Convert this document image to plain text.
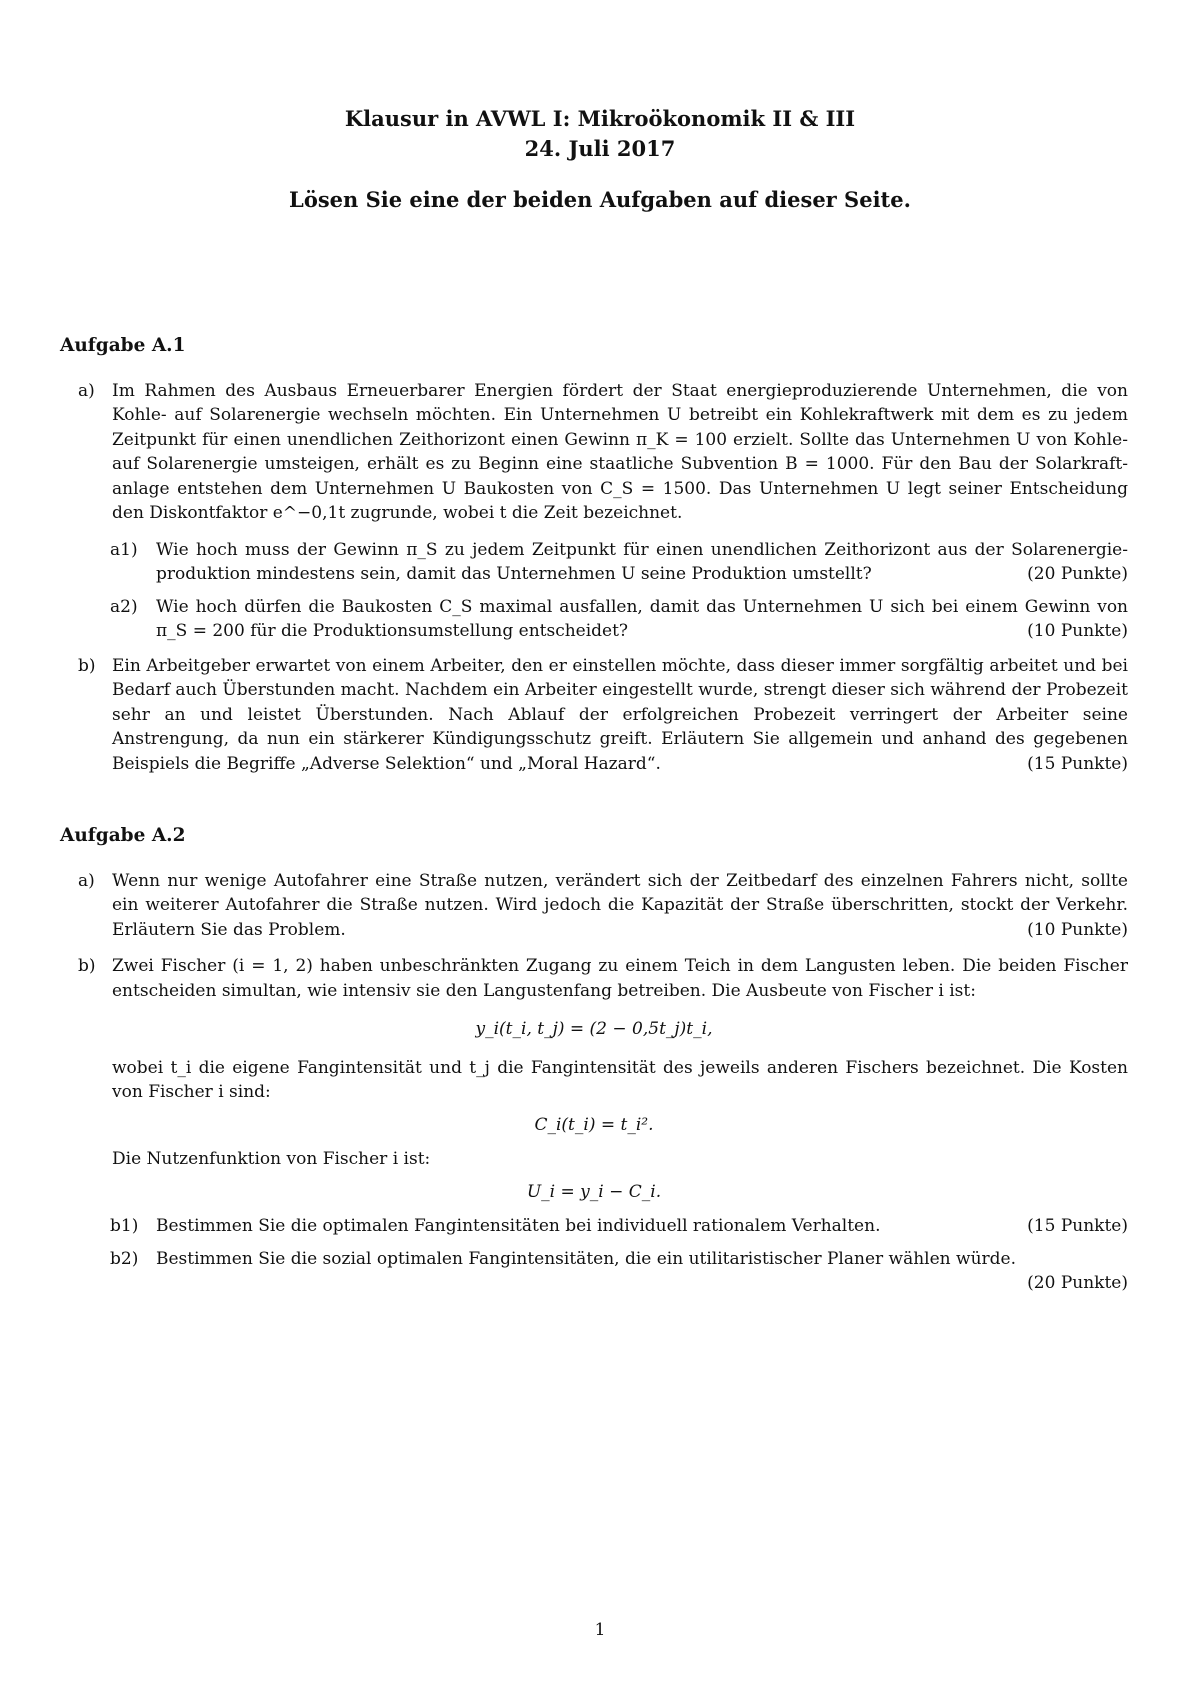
Klausur in AVWL I: Mikroökonomik II & III
24. Juli 2017
Lösen Sie eine der beiden Aufgaben auf dieser Seite.
Aufgabe A.1
a) Im Rahmen des Ausbaus Erneuerbarer Energien fördert der Staat energieproduzierende Unternehmen, die von Kohle- auf Solarenergie wechseln möchten. Ein Unternehmen U betreibt ein Kohlekraftwerk mit dem es zu jedem Zeitpunkt für einen unendlichen Zeithorizont einen Gewinn π_K = 100 erzielt. Sollte das Unternehmen U von Kohle- auf Solarenergie umsteigen, erhält es zu Beginn eine staatliche Subvention B = 1000. Für den Bau der Solarkraft- anlage entstehen dem Unternehmen U Baukosten von C_S = 1500. Das Unternehmen U legt seiner Entscheidung den Diskontfaktor e^−0,1t zugrunde, wobei t die Zeit bezeichnet.
a1) Wie hoch muss der Gewinn π_S zu jedem Zeitpunkt für einen unendlichen Zeithorizont aus der Solarenergie- produktion mindestens sein, damit das Unternehmen U seine Produktion umstellt?	(20 Punkte)
a2) Wie hoch dürfen die Baukosten C_S maximal ausfallen, damit das Unternehmen U sich bei einem Gewinn von π_S = 200 für die Produktionsumstellung entscheidet?	(10 Punkte)
b) Ein Arbeitgeber erwartet von einem Arbeiter, den er einstellen möchte, dass dieser immer sorgfältig arbeitet und bei Bedarf auch Überstunden macht. Nachdem ein Arbeiter eingestellt wurde, strengt dieser sich während der Probezeit sehr an und leistet Überstunden. Nach Ablauf der erfolgreichen Probezeit verringert der Arbeiter seine Anstrengung, da nun ein stärkerer Kündigungsschutz greift. Erläutern Sie allgemein und anhand des gegebenen Beispiels die Begriffe „Adverse Selektion“ und „Moral Hazard“.	(15 Punkte)
Aufgabe A.2
a) Wenn nur wenige Autofahrer eine Straße nutzen, verändert sich der Zeitbedarf des einzelnen Fahrers nicht, sollte ein weiterer Autofahrer die Straße nutzen. Wird jedoch die Kapazität der Straße überschritten, stockt der Verkehr. Erläutern Sie das Problem.	(10 Punkte)
b) Zwei Fischer (i = 1, 2) haben unbeschränkten Zugang zu einem Teich in dem Langusten leben. Die beiden Fischer entscheiden simultan, wie intensiv sie den Langustenfang betreiben. Die Ausbeute von Fischer i ist:
y_i(t_i, t_j) = (2 − 0,5t_j)t_i,
wobei t_i die eigene Fangintensität und t_j die Fangintensität des jeweils anderen Fischers bezeichnet. Die Kosten von Fischer i sind:
C_i(t_i) = t_i².
Die Nutzenfunktion von Fischer i ist:
U_i = y_i − C_i.
b1) Bestimmen Sie die optimalen Fangintensitäten bei individuell rationalem Verhalten.	(15 Punkte)
b2) Bestimmen Sie die sozial optimalen Fangintensitäten, die ein utilitaristischer Planer wählen würde.
(20 Punkte)
1
